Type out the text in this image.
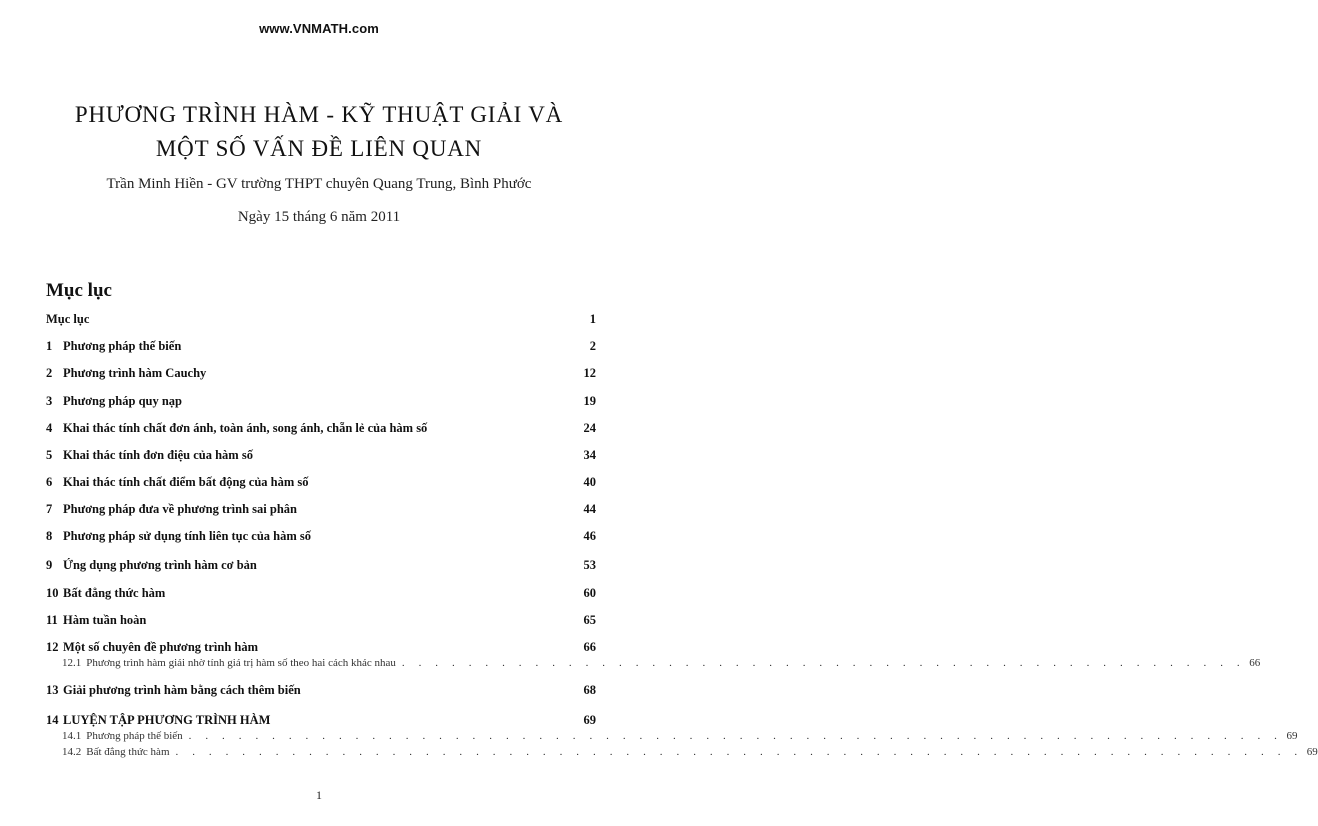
www.VNMATH.com
PHƯƠNG TRÌNH HÀM - KỸ THUẬT GIẢI VÀ
MỘT SỐ VẤN ĐỀ LIÊN QUAN
Trần Minh Hiền - GV trường THPT chuyên Quang Trung, Bình Phước
Ngày 15 tháng 6 năm 2011
Mục lục
Mục lục	1
1 Phương pháp thế biến	2
2 Phương trình hàm Cauchy	12
3 Phương pháp quy nạp	19
4 Khai thác tính chất đơn ánh, toàn ánh, song ánh, chẵn lẻ của hàm số	24
5 Khai thác tính đơn điệu của hàm số	34
6 Khai thác tính chất điểm bất động của hàm số	40
7 Phương pháp đưa về phương trình sai phân	44
8 Phương pháp sử dụng tính liên tục của hàm số	46
9 Ứng dụng phương trình hàm cơ bản	53
10 Bất đẳng thức hàm	60
11 Hàm tuần hoàn	65
12 Một số chuyên đề phương trình hàm	66
12.1 Phương trình hàm giải nhờ tính giá trị hàm số theo hai cách khác nhau . . . . . . . . . . . . . . . . . . . . . . . . . . . . . . . . . . . . . . . . . . . . . . . . . . . 66
13 Giải phương trình hàm bằng cách thêm biến	68
14 LUYỆN TẬP PHƯƠNG TRÌNH HÀM	69
14.1 Phương pháp thế biến . . . . . . . . . . . . . . . . . . . . . . . . . . . . . . . . . . . . . . . . . . . . . . . . . . . . . . . . . . . . . . . . . . 69
14.2 Bất đẳng thức hàm . . . . . . . . . . . . . . . . . . . . . . . . . . . . . . . . . . . . . . . . . . . . . . . . . . . . . . . . . . . . . . . . . . . . 69
1
